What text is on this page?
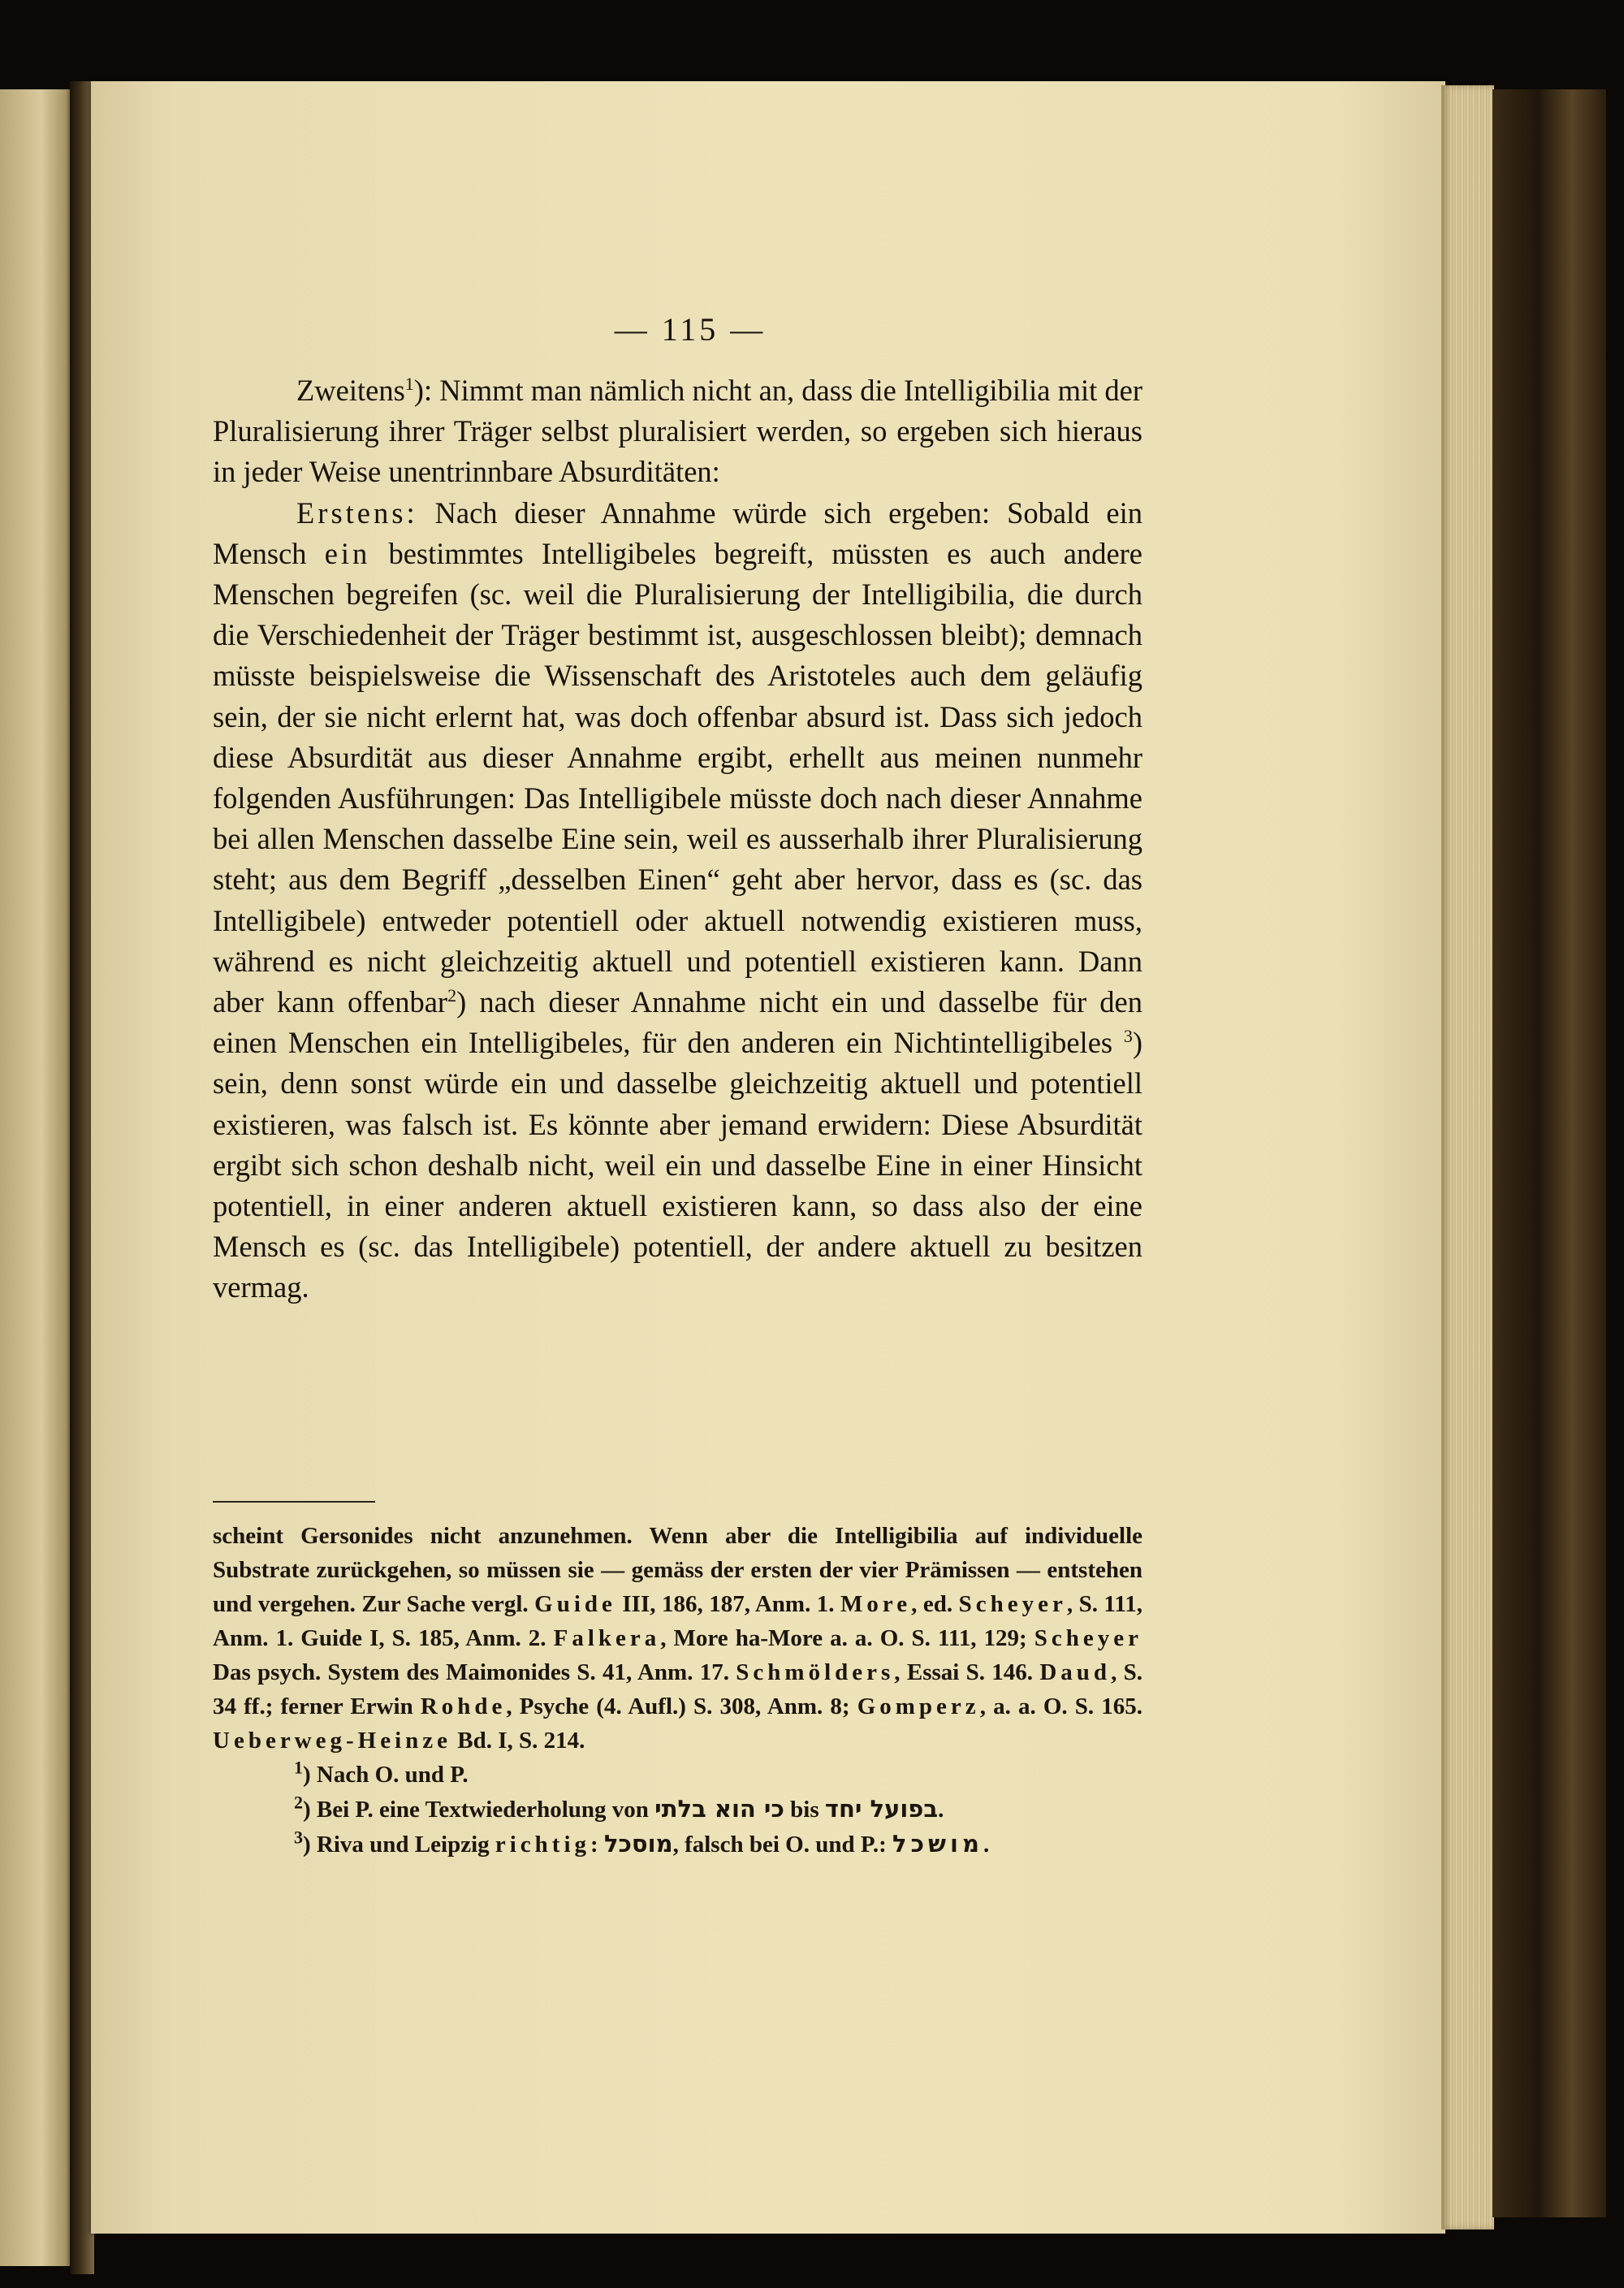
— 115 —

Zweitens$^1$): Nimmt man nämlich nicht an, dass die Intelligibilia mit der Pluralisierung ihrer Träger selbst pluralisiert werden, so ergeben sich hieraus in jeder Weise unentrinnbare Absurditäten:

Erstens: Nach dieser Annahme würde sich ergeben: Sobald ein Mensch ein bestimmtes Intelligibeles begreift, müssten es auch andere Menschen begreifen (sc. weil die Pluralisierung der Intelligibilia, die durch die Verschiedenheit der Träger bestimmt ist, ausgeschlossen bleibt); demnach müsste beispielsweise die Wissenschaft des Aristoteles auch dem geläufig sein, der sie nicht erlernt hat, was doch offenbar absurd ist. Dass sich jedoch diese Absurdität aus dieser Annahme ergibt, erhellt aus meinen nunmehr folgenden Ausführungen: Das Intelligibele müsste doch nach dieser Annahme bei allen Menschen dasselbe Eine sein, weil es ausserhalb ihrer Pluralisierung steht; aus dem Begriff „desselben Einen“ geht aber hervor, dass es (sc. das Intelligibele) entweder potentiell oder aktuell notwendig existieren muss, während es nicht gleichzeitig aktuell und potentiell existieren kann. Dann aber kann offenbar$^2$) nach dieser Annahme nicht ein und dasselbe für den einen Menschen ein Intelligibeles, für den anderen ein Nichtintelligibeles $^3$) sein, denn sonst würde ein und dasselbe gleichzeitig aktuell und potentiell existieren, was falsch ist. Es könnte aber jemand erwidern: Diese Absurdität ergibt sich schon deshalb nicht, weil ein und dasselbe Eine in einer Hinsicht potentiell, in einer anderen aktuell existieren kann, so dass also der eine Mensch es (sc. das Intelligibele) potentiell, der andere aktuell zu besitzen vermag.

scheint Gersonides nicht anzunehmen. Wenn aber die Intelligibilia auf individuelle Substrate zurückgehen, so müssen sie — gemäss der ersten der vier Prämissen — entstehen und vergehen. Zur Sache vergl. Guide III, 186, 187, Anm. 1. More, ed. Scheyer, S. 111, Anm. 1. Guide I, S. 185, Anm. 2. Falkera, More ha-More a. a. O. S. 111, 129; Scheyer Das psych. System des Maimonides S. 41, Anm. 17. Schmölders, Essai S. 146. Daud, S. 34 ff.; ferner Erwin Rohde, Psyche (4. Aufl.) S. 308, Anm. 8; Gomperz, a. a. O. S. 165. Ueberweg-Heinze Bd. I, S. 214.

$^1$) Nach O. und P.

$^2$) Bei P. eine Textwiederholung von כי הוא בלתי bis בפועל יחד.

$^3$) Riva und Leipzig richtig: מוסכל, falsch bei O. und P.: מושכל.
